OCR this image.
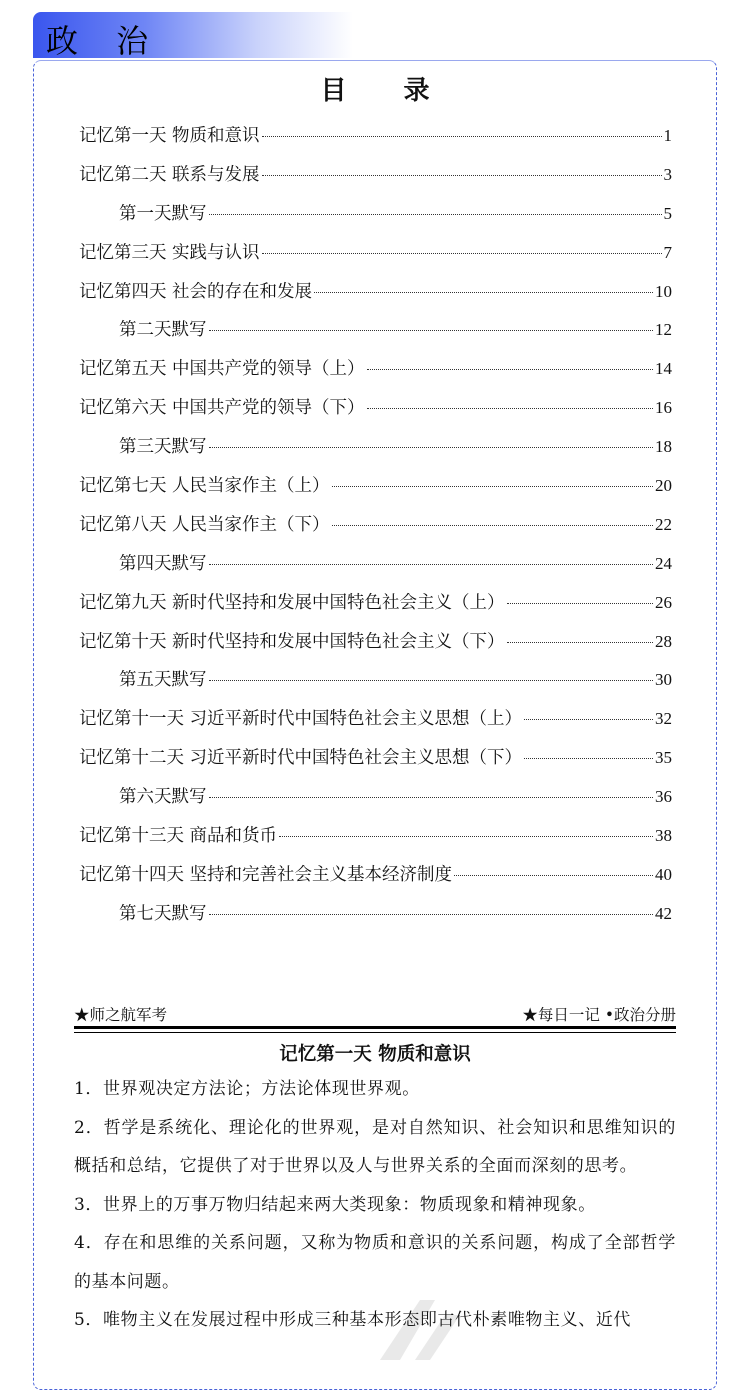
政 治
目 录
记忆第一天 物质和意识	1
记忆第二天 联系与发展	3
第一天默写	5
记忆第三天 实践与认识	7
记忆第四天 社会的存在和发展	10
第二天默写	12
记忆第五天 中国共产党的领导（上）	14
记忆第六天 中国共产党的领导（下）	16
第三天默写	18
记忆第七天 人民当家作主（上）	20
记忆第八天 人民当家作主（下）	22
第四天默写	24
记忆第九天 新时代坚持和发展中国特色社会主义（上）	26
记忆第十天 新时代坚持和发展中国特色社会主义（下）	28
第五天默写	30
记忆第十一天 习近平新时代中国特色社会主义思想（上）	32
记忆第十二天 习近平新时代中国特色社会主义思想（下）	35
第六天默写	36
记忆第十三天 商品和货币	38
记忆第十四天 坚持和完善社会主义基本经济制度	40
第七天默写	42
★师之航军考	★每日一记 •政治分册
记忆第一天 物质和意识

1．世界观决定方法论；方法论体现世界观。

2．哲学是系统化、理论化的世界观，是对自然知识、社会知识和思维知识的概括和总结，它提供了对于世界以及人与世界关系的全面而深刻的思考。

3．世界上的万事万物归结起来两大类现象：物质现象和精神现象。

4．存在和思维的关系问题，又称为物质和意识的关系问题，构成了全部哲学的基本问题。

5．唯物主义在发展过程中形成三种基本形态即古代朴素唯物主义、近代
